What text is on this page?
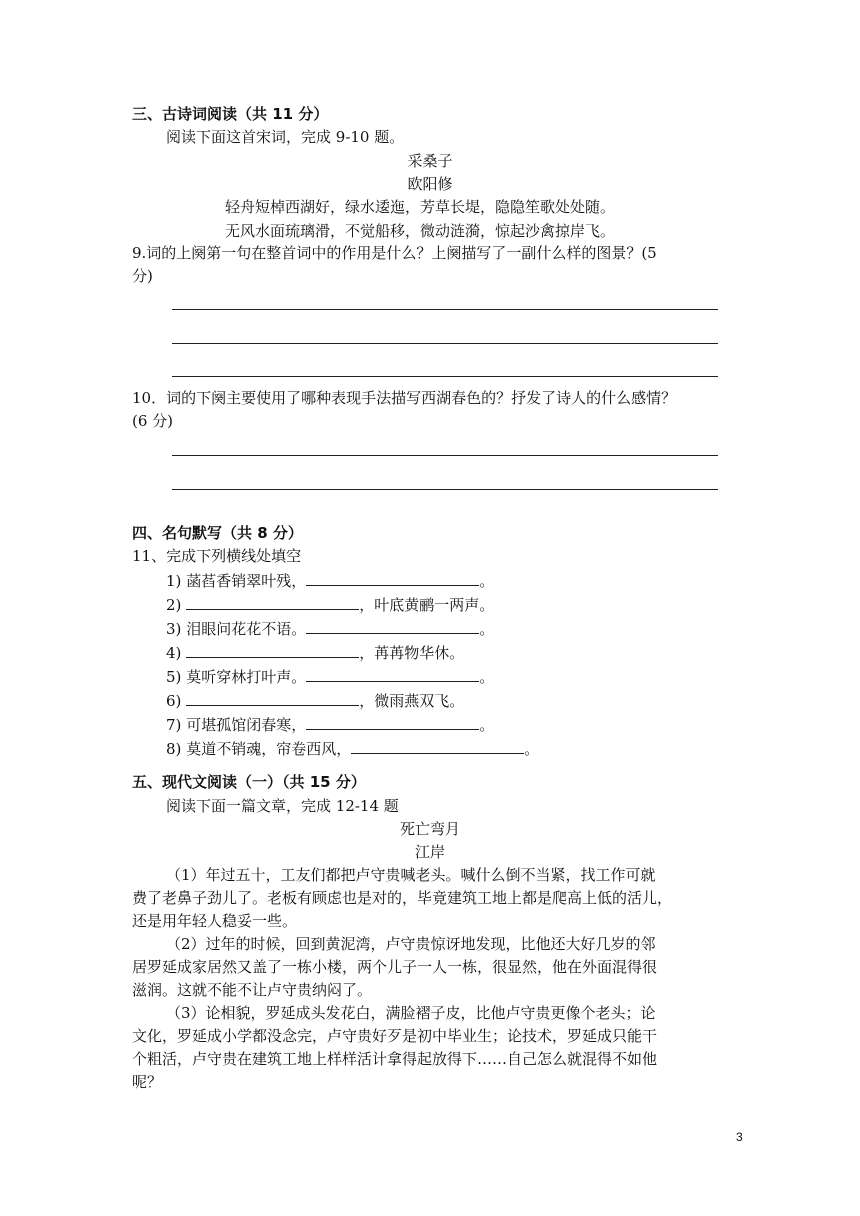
三、古诗词阅读（共 11 分）
阅读下面这首宋词，完成 9-10 题。
采桑子
欧阳修
轻舟短棹西湖好，绿水逶迤，芳草长堤，隐隐笙歌处处随。
无风水面琉璃滑，不觉船移，微动涟漪，惊起沙禽掠岸飞。
9.词的上阕第一句在整首词中的作用是什么？上阕描写了一副什么样的图景？(5
分)
10．词的下阕主要使用了哪种表现手法描写西湖春色的？抒发了诗人的什么感情？
(6 分)
四、名句默写（共 8 分）
11、完成下列横线处填空
1) 菡萏香销翠叶残，	。
2)	，叶底黄鹂一两声。
3) 泪眼问花花不语。	。
4)	，苒苒物华休。
5) 莫听穿林打叶声。	。
6)	，微雨燕双飞。
7) 可堪孤馆闭春寒，	。
8) 莫道不销魂，帘卷西风，	。
五、现代文阅读（一）（共 15 分）
阅读下面一篇文章，完成 12-14 题
死亡弯月
江岸
（1）年过五十，工友们都把卢守贵喊老头。喊什么倒不当紧，找工作可就
费了老鼻子劲儿了。老板有顾虑也是对的，毕竟建筑工地上都是爬高上低的活儿，
还是用年轻人稳妥一些。
（2）过年的时候，回到黄泥湾，卢守贵惊讶地发现，比他还大好几岁的邻
居罗延成家居然又盖了一栋小楼，两个儿子一人一栋，很显然，他在外面混得很
滋润。这就不能不让卢守贵纳闷了。
（3）论相貌，罗延成头发花白，满脸褶子皮，比他卢守贵更像个老头；论
文化，罗延成小学都没念完，卢守贵好歹是初中毕业生；论技术，罗延成只能干
个粗活，卢守贵在建筑工地上样样活计拿得起放得下……自己怎么就混得不如他
呢？
3
